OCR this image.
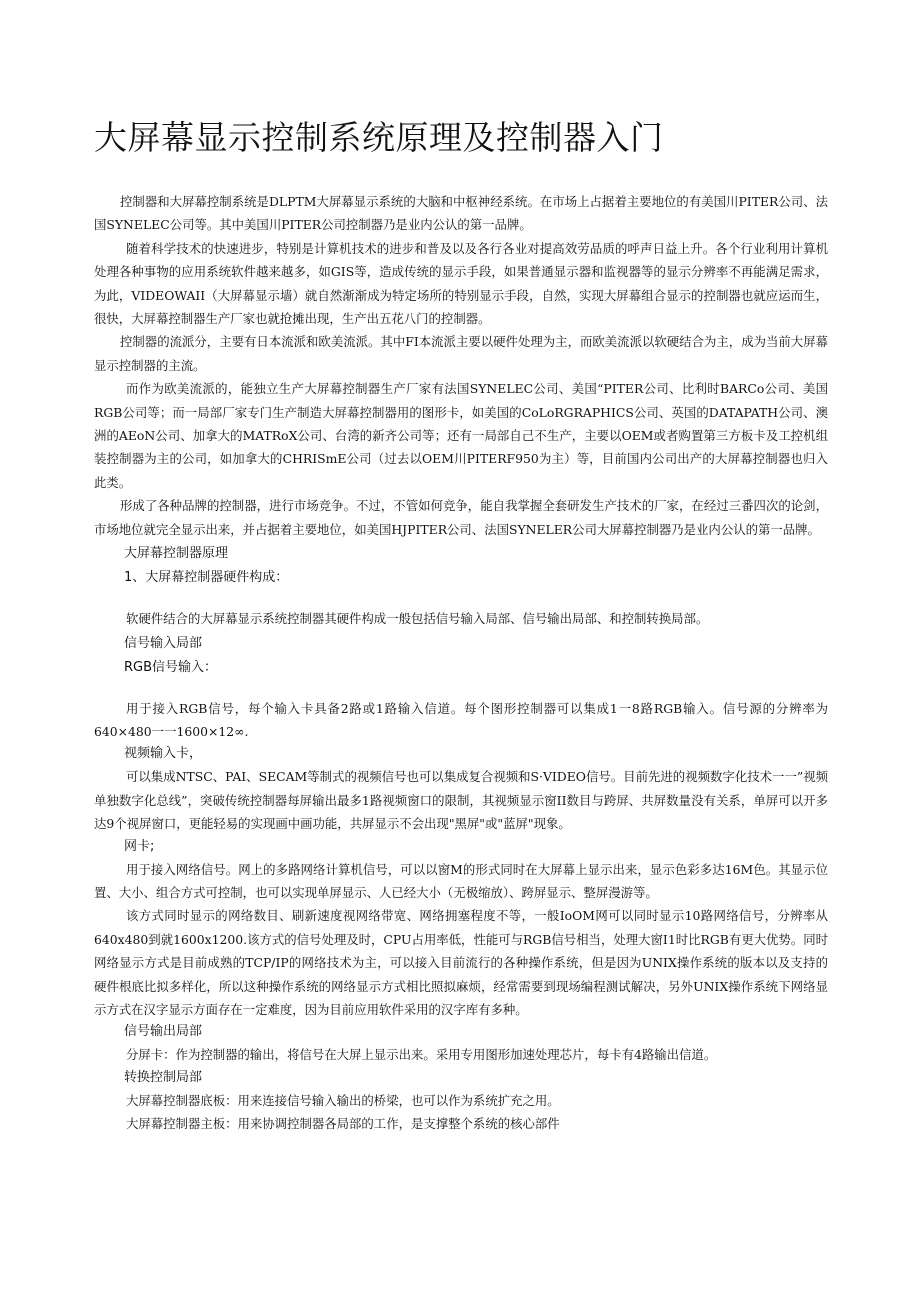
大屏幕显示控制系统原理及控制器入门

控制器和大屏幕控制系统是DLPTM大屏幕显示系统的大脑和中枢神经系统。在市场上占据着主要地位的有美国川PITER公司、法国SYNELEC公司等。其中美国川PITER公司控制器乃是业内公认的第一品牌。

随着科学技术的快速进步，特别是计算机技术的进步和普及以及各行各业对提高效劳品质的呼声日益上升。各个行业利用计算机处理各种事物的应用系统软件越来越多，如GIS等，造成传统的显示手段，如果普通显示器和监视器等的显示分辨率不再能满足需求，为此，VIDEOWAII（大屏幕显示墙）就自然渐渐成为特定场所的特别显示手段，自然，实现大屏幕组合显示的控制器也就应运而生，很快，大屏幕控制器生产厂家也就抢摊出现，生产出五花八门的控制器。

控制器的流派分，主要有日本流派和欧美流派。其中FI本流派主要以硬件处理为主，而欧美流派以软硬结合为主，成为当前大屏幕显示控制器的主流。

而作为欧美流派的，能独立生产大屏幕控制器生产厂家有法国SYNELEC公司、美国“PITER公司、比利时BARCo公司、美国RGB公司等；而一局部厂家专门生产制造大屏幕控制器用的图形卡，如美国的CoLoRGRAPHICS公司、英国的DATAPATH公司、澳洲的AEoN公司、加拿大的MATRoX公司、台湾的新齐公司等；还有一局部自己不生产，主要以OEM或者购置第三方板卡及工控机组装控制器为主的公司，如加拿大的CHRISmE公司（过去以OEM川PITERF950为主）等，目前国内公司出产的大屏幕控制器也归入此类。

形成了各种品牌的控制器，进行市场竞争。不过，不管如何竞争，能自我掌握全套研发生产技术的厂家，在经过三番四次的论剑，市场地位就完全显示出来，并占据着主要地位，如美国HJPITER公司、法国SYNELER公司大屏幕控制器乃是业内公认的第一品牌。

大屏幕控制器原理
1、大屏幕控制器硬件构成：

软硬件结合的大屏幕显示系统控制器其硬件构成一般包括信号输入局部、信号输出局部、和控制转换局部。

信号输入局部
RGB信号输入：

用于接入RGB信号，每个输入卡具备2路或1路输入信道。每个图形控制器可以集成1一8路RGB输入。信号源的分辨率为640×480一一1600×12∞.

视频输入卡，

可以集成NTSC、PAI、SECAM等制式的视频信号也可以集成复合视频和S·VIDEO信号。目前先进的视频数字化技术一一”视频单独数字化总线”，突破传统控制器每屏输出最多1路视频窗口的限制，其视频显示窗II数目与跨屏、共屏数量没有关系，单屏可以开多达9个视屏窗口，更能轻易的实现画中画功能，共屏显示不会出现"黑屏"或"蓝屏"现象。

网卡;

用于接入网络信号。网上的多路网络计算机信号，可以以窗M的形式同时在大屏幕上显示出来，显示色彩多达16M色。其显示位置、大小、组合方式可控制，也可以实现单屏显示、人已经大小（无极缩放）、跨屏显示、整屏漫游等。

该方式同时显示的网络数目、刷新速度视网络带宽、网络拥塞程度不等，一般IoOM网可以同时显示10路网络信号，分辨率从640x480到就1600x1200.该方式的信号处理及时，CPU占用率低，性能可与RGB信号相当，处理大窗I1时比RGB有更大优势。同时网络显示方式是目前成熟的TCP/IP的网络技术为主，可以接入目前流行的各种操作系统，但是因为UNIX操作系统的版本以及支持的硬件根底比拟多样化，所以这种操作系统的网络显示方式相比照拟麻烦，经常需要到现场编程测试解决，另外UNIX操作系统下网络显示方式在汉字显示方面存在一定难度，因为目前应用软件采用的汉字库有多种。

信号输出局部

分屏卡：作为控制器的输出，将信号在大屏上显示出来。采用专用图形加速处理芯片，每卡有4路输出信道。

转换控制局部

大屏幕控制器底板：用来连接信号输入输出的桥梁，也可以作为系统扩充之用。

大屏幕控制器主板：用来协调控制器各局部的工作，是支撑整个系统的核心部件
